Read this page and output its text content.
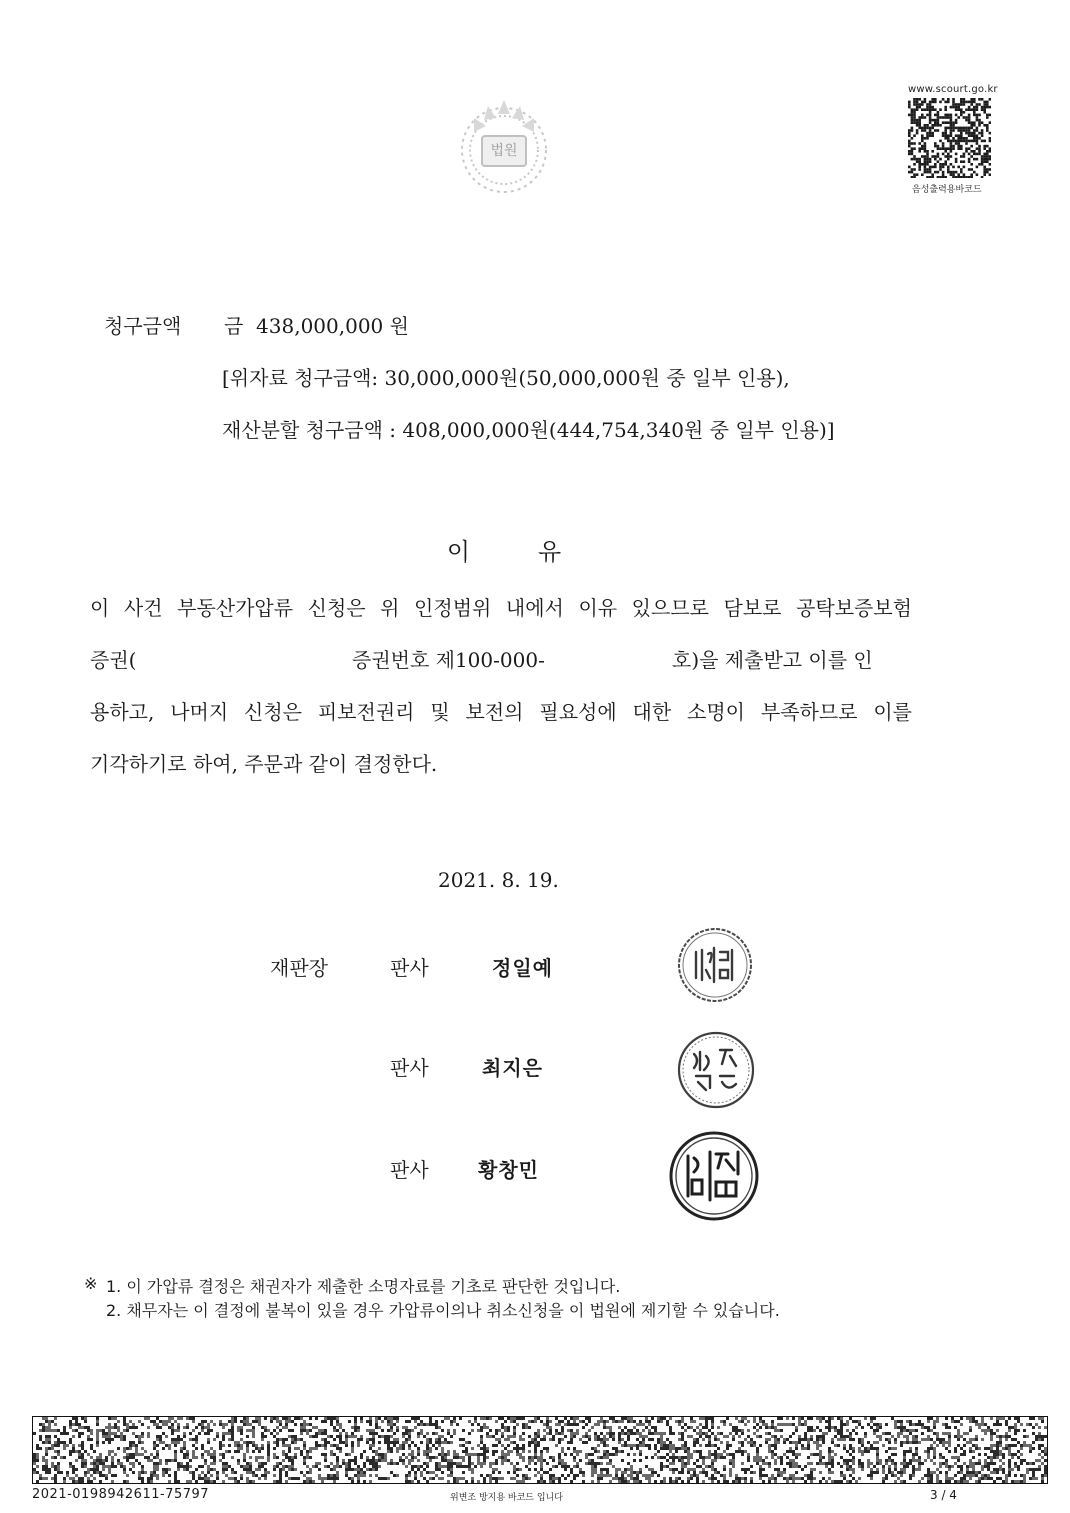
법원
www.scourt.go.kr
음성출력용바코드
청구금액 금  438,000,000 원
[위자료 청구금액: 30,000,000원(50,000,000원 중 일부 인용),
재산분할 청구금액 : 408,000,000원(444,754,340원 중 일부 인용)]
이	유
이 사건 부동산가압류 신청은 위 인정범위 내에서 이유 있으므로 담보로 공탁보증보험
증권(	증권번호 제100-000-	호)을 제출받고 이를 인
용하고, 나머지 신청은 피보전권리 및 보전의 필요성에 대한 소명이 부족하므로 이를
기각하기로 하여, 주문과 같이 결정한다.
2021. 8. 19.
재판장	판사	정일예
판사	최지은
판사 황창민
※ 1. 이 가압류 결정은 채권자가 제출한 소명자료를 기초로 판단한 것입니다.
2. 채무자는 이 결정에 불복이 있을 경우 가압류이의나 취소신청을 이 법원에 제기할 수 있습니다.
2021-0198942611-75797	위변조 방지용 바코드 입니다	3 / 4
